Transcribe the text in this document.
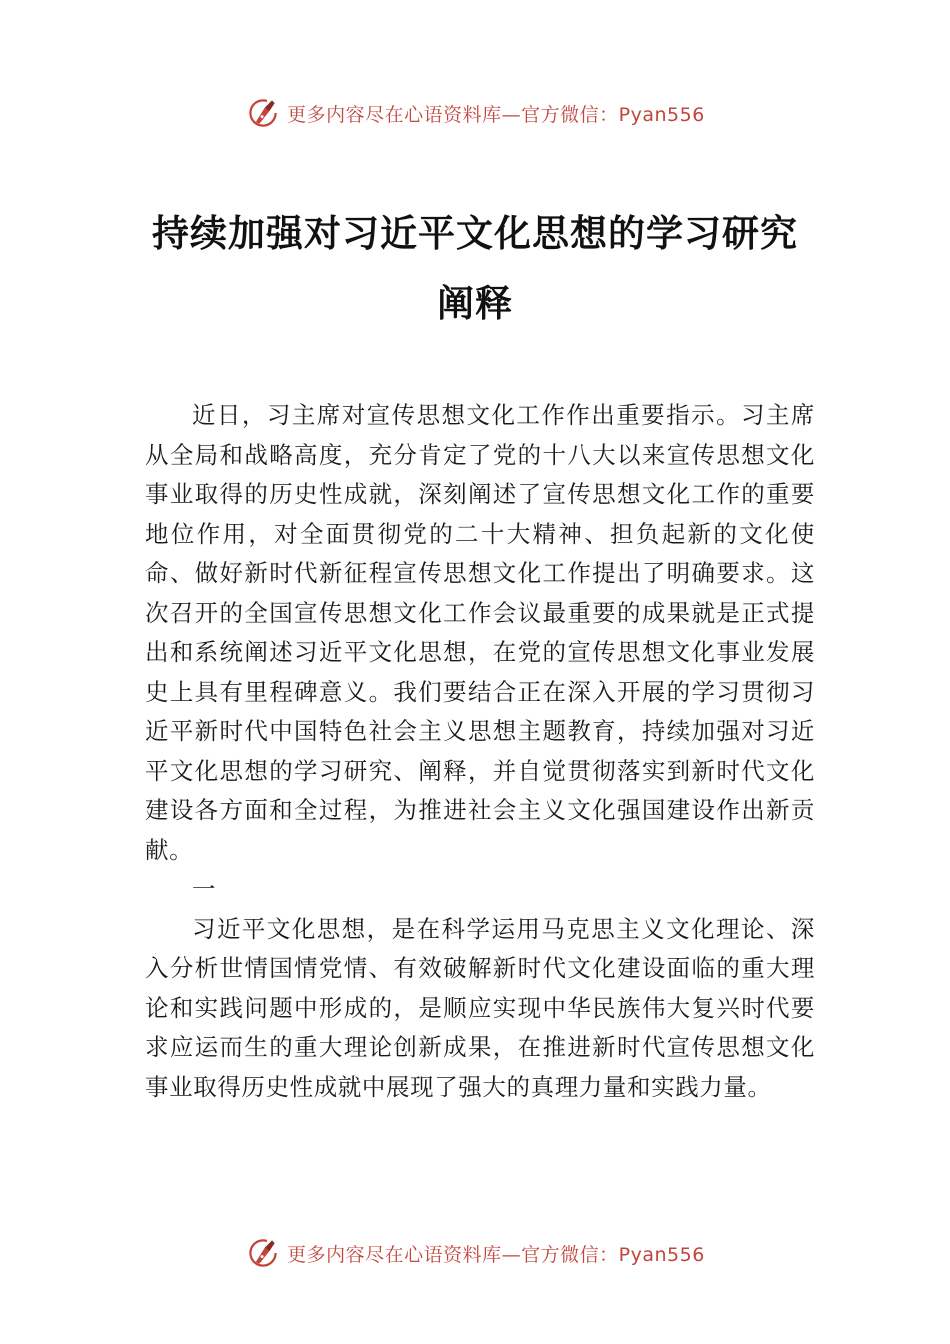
更多内容尽在心语资料库—官方微信：Pyan556
持续加强对习近平文化思想的学习研究阐释

近日，习主席对宣传思想文化工作作出重要指示。习主席从全局和战略高度，充分肯定了党的十八大以来宣传思想文化事业取得的历史性成就，深刻阐述了宣传思想文化工作的重要地位作用，对全面贯彻党的二十大精神、担负起新的文化使命、做好新时代新征程宣传思想文化工作提出了明确要求。这次召开的全国宣传思想文化工作会议最重要的成果就是正式提出和系统阐述习近平文化思想，在党的宣传思想文化事业发展史上具有里程碑意义。我们要结合正在深入开展的学习贯彻习近平新时代中国特色社会主义思想主题教育，持续加强对习近平文化思想的学习研究、阐释，并自觉贯彻落实到新时代文化建设各方面和全过程，为推进社会主义文化强国建设作出新贡献。

一

习近平文化思想，是在科学运用马克思主义文化理论、深入分析世情国情党情、有效破解新时代文化建设面临的重大理论和实践问题中形成的，是顺应实现中华民族伟大复兴时代要求应运而生的重大理论创新成果，在推进新时代宣传思想文化事业取得历史性成就中展现了强大的真理力量和实践力量。

更多内容尽在心语资料库—官方微信：Pyan556
